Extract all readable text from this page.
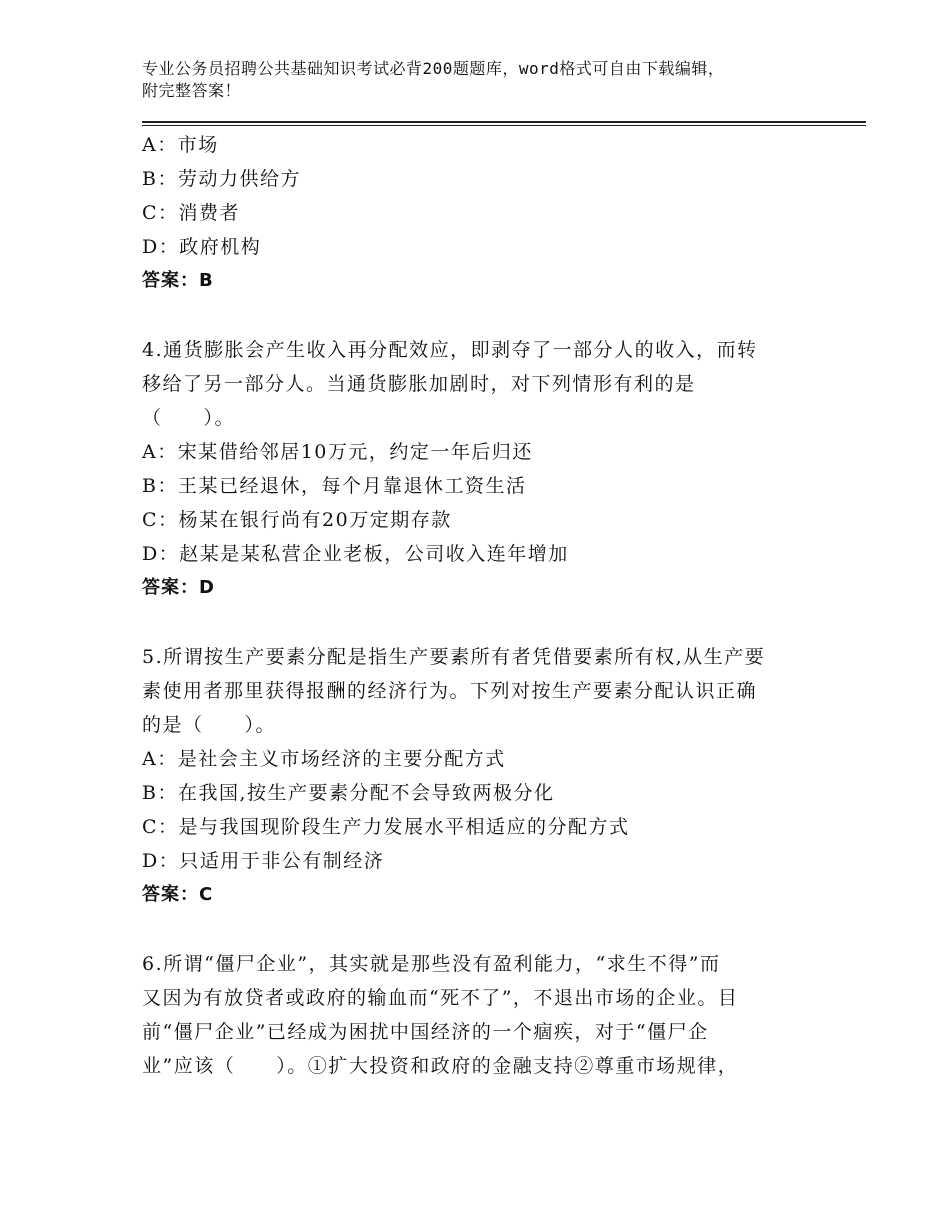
专业公务员招聘公共基础知识考试必背200题题库，word格式可自由下载编辑，
附完整答案！
A：市场
B：劳动力供给方
C：消费者
D：政府机构
答案：B
4.通货膨胀会产生收入再分配效应，即剥夺了一部分人的收入，而转
移给了另一部分人。当通货膨胀加剧时，对下列情形有利的是
（　　）。
A：宋某借给邻居10万元，约定一年后归还
B：王某已经退休，每个月靠退休工资生活
C：杨某在银行尚有20万定期存款
D：赵某是某私营企业老板，公司收入连年增加
答案：D
5.所谓按生产要素分配是指生产要素所有者凭借要素所有权,从生产要
素使用者那里获得报酬的经济行为。下列对按生产要素分配认识正确
的是（　　）。
A：是社会主义市场经济的主要分配方式
B：在我国,按生产要素分配不会导致两极分化
C：是与我国现阶段生产力发展水平相适应的分配方式
D：只适用于非公有制经济
答案：C
6.所谓“僵尸企业”，其实就是那些没有盈利能力，“求生不得”而
又因为有放贷者或政府的输血而“死不了”，不退出市场的企业。目
前“僵尸企业”已经成为困扰中国经济的一个痼疾，对于“僵尸企
业”应该（　　）。①扩大投资和政府的金融支持②尊重市场规律，
